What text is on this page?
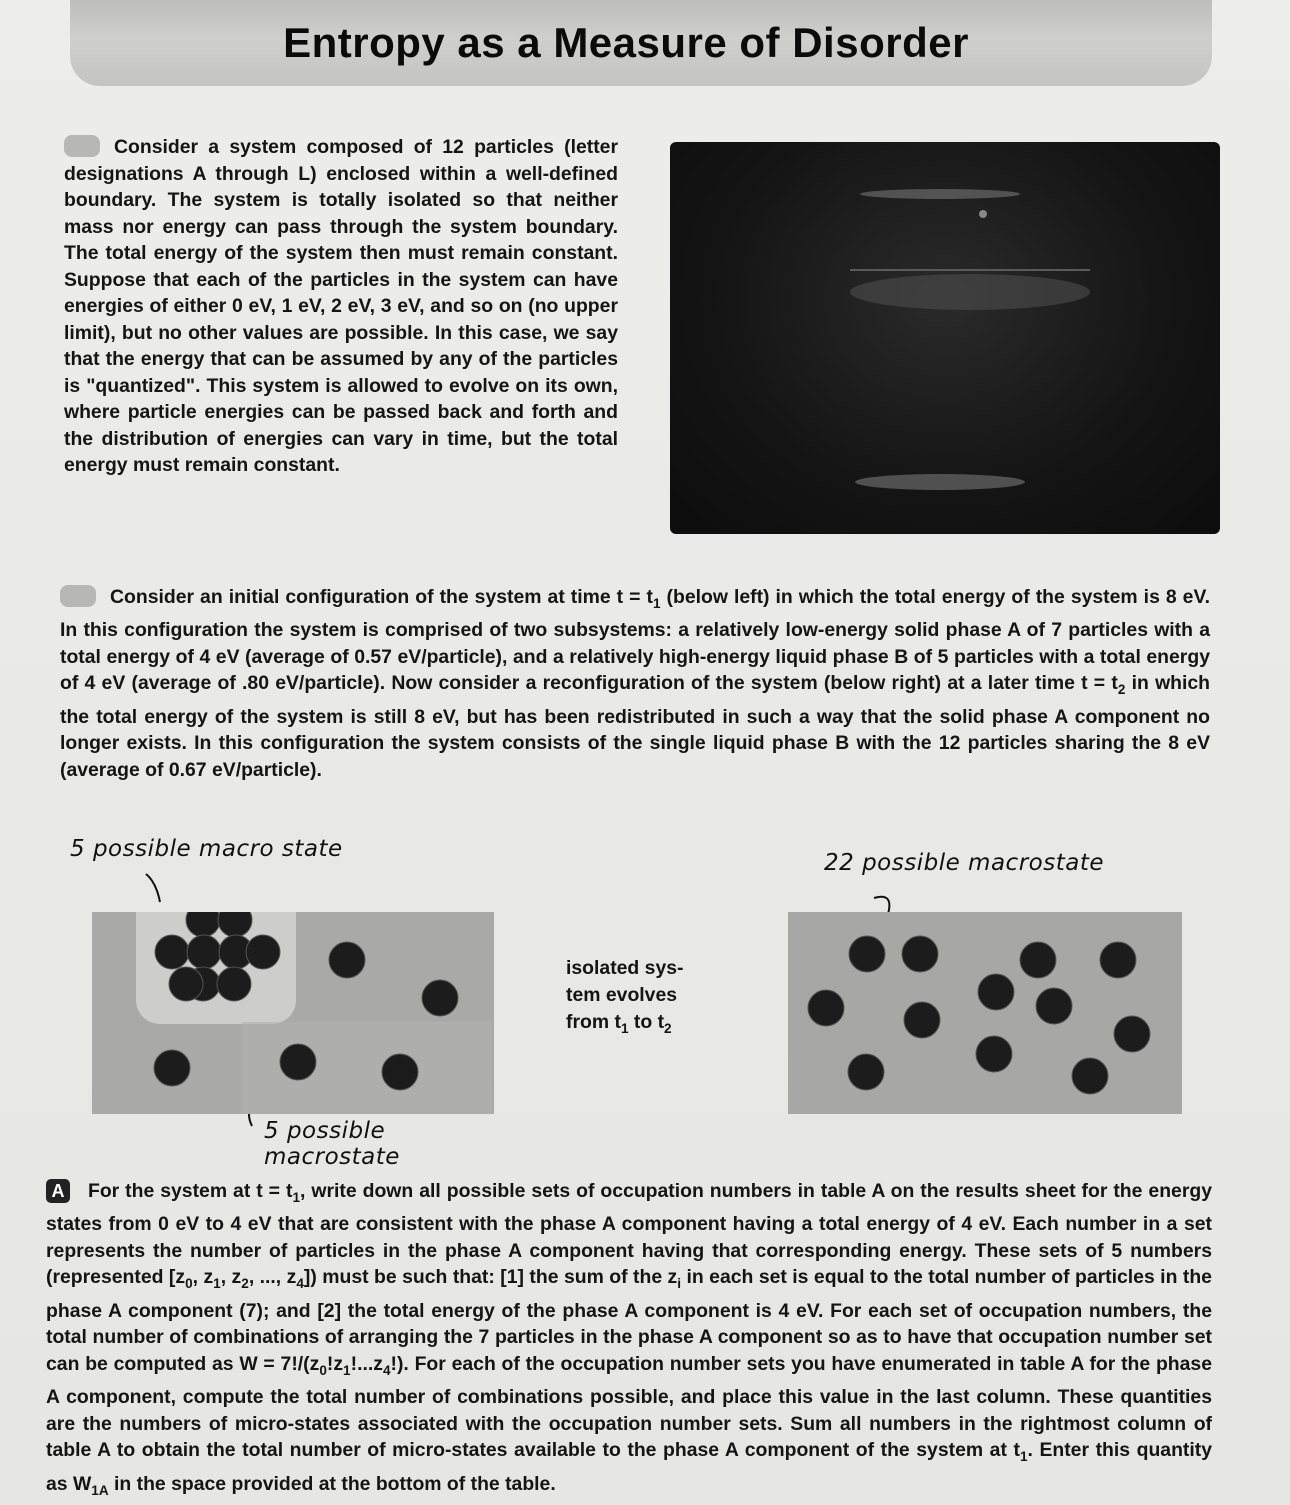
Entropy as a Measure of Disorder
Consider a system composed of 12 particles (letter designations A through L) enclosed within a well-defined boundary. The system is totally isolated so that neither mass nor energy can pass through the system boundary. The total energy of the system then must remain constant. Suppose that each of the particles in the system can have energies of either 0 eV, 1 eV, 2 eV, 3 eV, and so on (no upper limit), but no other values are possible. In this case, we say that the energy that can be assumed by any of the particles is "quantized". This system is allowed to evolve on its own, where particle energies can be passed back and forth and the distribution of energies can vary in time, but the total energy must remain constant.
Consider an initial configuration of the system at time $t = t_1$ (below left) in which the total energy of the system is 8 eV. In this configuration the system is comprised of two subsystems: a relatively low-energy solid phase A of 7 particles with a total energy of 4 eV (average of 0.57 eV/particle), and a relatively high-energy liquid phase B of 5 particles with a total energy of 4 eV (average of .80 eV/particle). Now consider a reconfiguration of the system (below right) at a later time $t = t_2$ in which the total energy of the system is still 8 eV, but has been redistributed in such a way that the solid phase A component no longer exists. In this configuration the system consists of the single liquid phase B with the 12 particles sharing the 8 eV (average of 0.67 eV/particle).
5 possible macro state
22 possible macrostate
5 possible
macrostate
isolated sys-
tem evolves
from $t_1$ to $t_2$
A For the system at $t = t_1$, write down all possible sets of occupation numbers in table A on the results sheet for the energy states from 0 eV to 4 eV that are consistent with the phase A component having a total energy of 4 eV. Each number in a set represents the number of particles in the phase A component having that corresponding energy. These sets of 5 numbers (represented [$z_0$, $z_1$, $z_2$, ..., $z_4$]) must be such that: [1] the sum of the $z_i$ in each set is equal to the total number of particles in the phase A component (7); and [2] the total energy of the phase A component is 4 eV. For each set of occupation numbers, the total number of combinations of arranging the 7 particles in the phase A component so as to have that occupation number set can be computed as $W = 7!/(z_0!z_1!...z_4!)$. For each of the occupation number sets you have enumerated in table A for the phase A component, compute the total number of combinations possible, and place this value in the last column. These quantities are the numbers of micro-states associated with the occupation number sets. Sum all numbers in the rightmost column of table A to obtain the total number of micro-states available to the phase A component of the system at $t_1$. Enter this quantity as $W_{1A}$ in the space provided at the bottom of the table.
